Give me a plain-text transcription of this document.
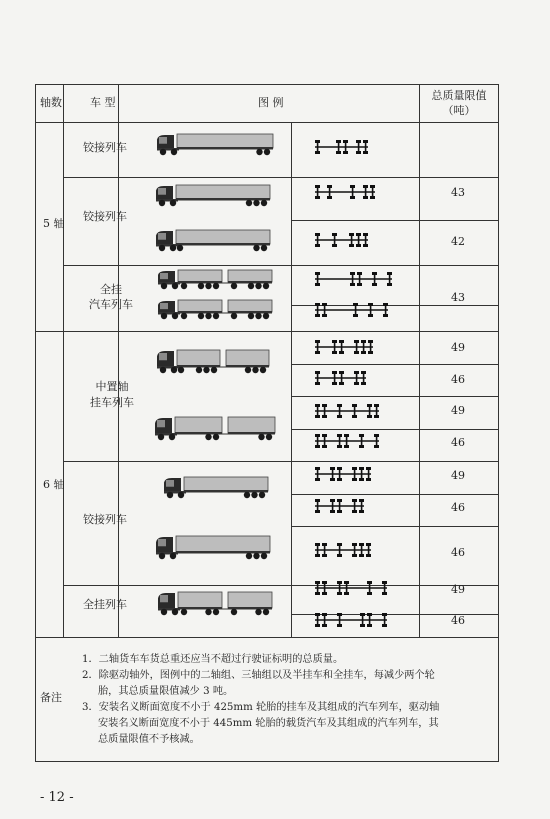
轴数	车 型	图 例
总质量限值
（吨）
5 轴
6 轴
铰接列车
铰接列车
全挂
汽车列车
中置轴
挂车列车
铰接列车
全挂列车
43
42
43
49
46
49
46
49
46
46
49
46
备注
1．二轴货车车货总重还应当不超过行驶证标明的总质量。
2．除驱动轴外，图例中的二轴组、三轴组以及半挂车和全挂车，每减少两个轮
胎，其总质量限值减少 3 吨。
3．安装名义断面宽度不小于 425mm 轮胎的挂车及其组成的汽车列车，驱动轴
安装名义断面宽度不小于 445mm 轮胎的载货汽车及其组成的汽车列车，其
总质量限值不予核减。
- 12 -
